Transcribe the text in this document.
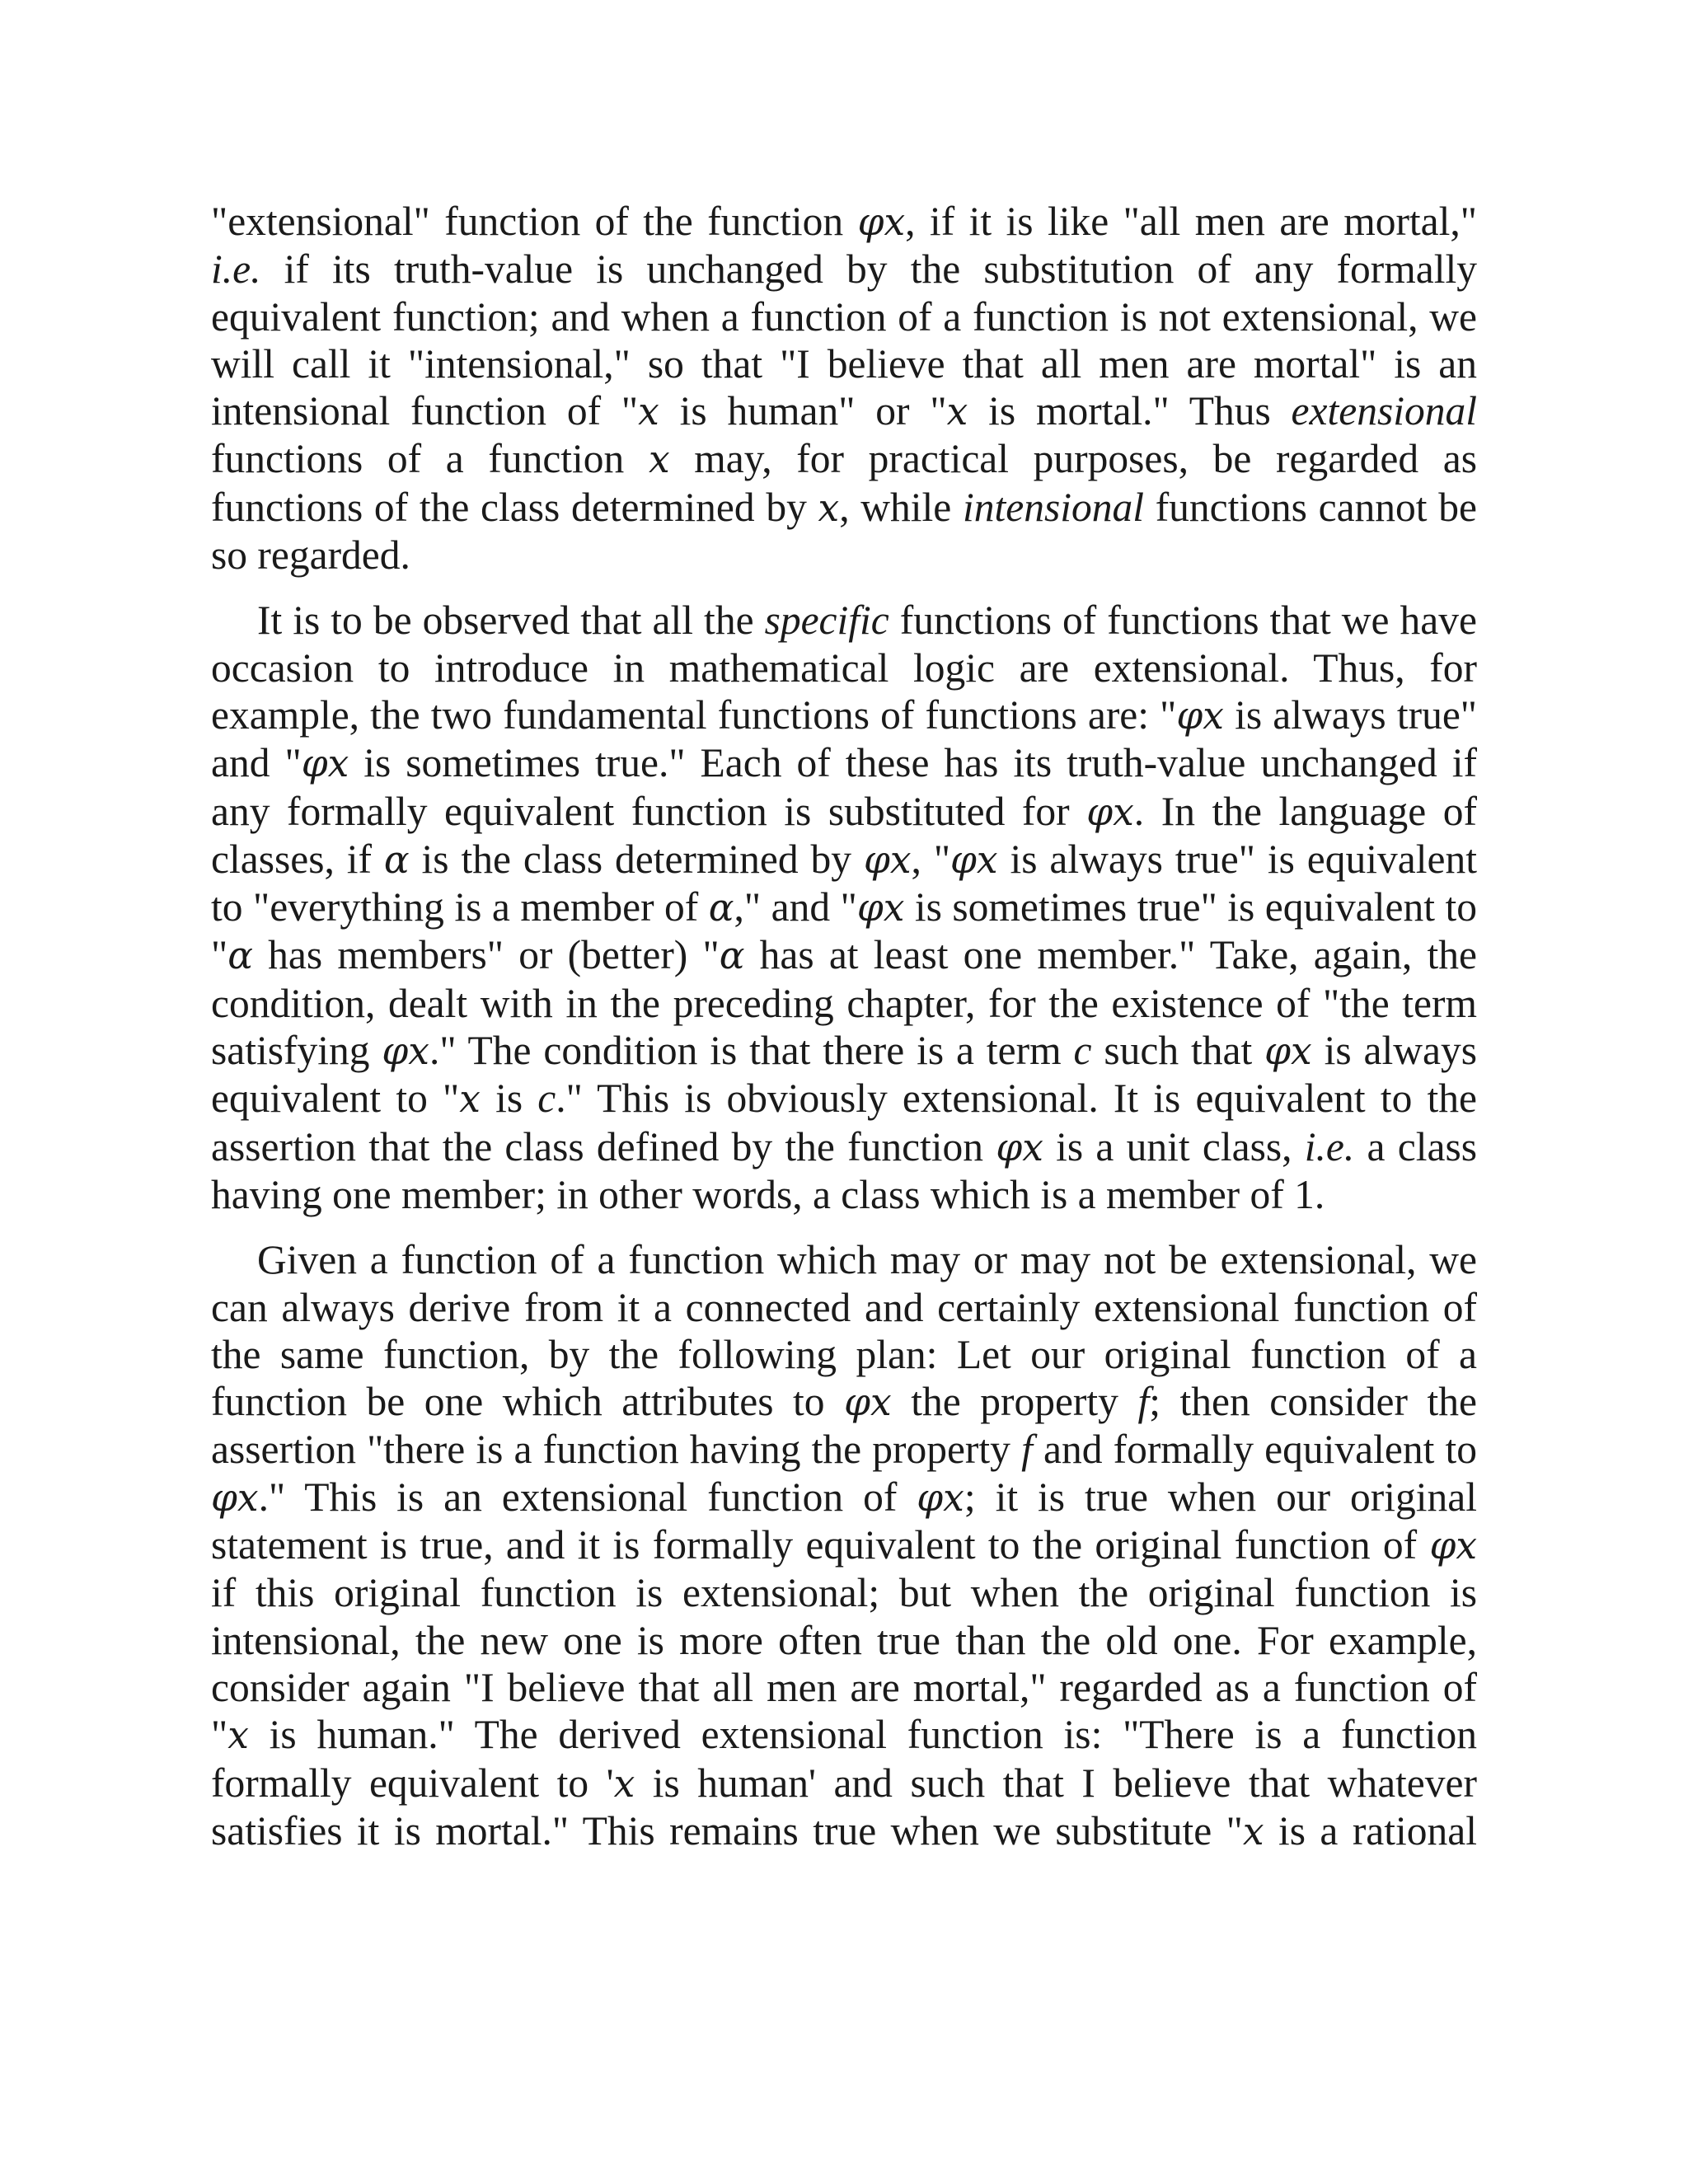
"extensional" function of the function φx, if it is like "all men are mortal," i.e. if its truth-value is unchanged by the substitution of any formally equivalent function; and when a function of a function is not extensional, we will call it "intensional," so that "I believe that all men are mortal" is an intensional function of "x is human" or "x is mortal." Thus extensional functions of a function x may, for practical purposes, be regarded as functions of the class determined by x, while intensional functions cannot be so regarded.

It is to be observed that all the specific functions of functions that we have occasion to introduce in mathematical logic are extensional. Thus, for example, the two fundamental functions of functions are: "φx is always true" and "φx is sometimes true." Each of these has its truth-value unchanged if any formally equivalent function is substituted for φx. In the language of classes, if α is the class determined by φx, "φx is always true" is equivalent to "everything is a member of α," and "φx is sometimes true" is equivalent to "α has members" or (better) "α has at least one member." Take, again, the condition, dealt with in the preceding chapter, for the existence of "the term satisfying φx." The condition is that there is a term c such that φx is always equivalent to "x is c." This is obviously extensional. It is equivalent to the assertion that the class defined by the function φx is a unit class, i.e. a class having one member; in other words, a class which is a member of 1.

Given a function of a function which may or may not be extensional, we can always derive from it a connected and certainly extensional function of the same function, by the following plan: Let our original function of a function be one which attributes to φx the property f; then consider the assertion "there is a function having the property f and formally equivalent to φx." This is an extensional function of φx; it is true when our original statement is true, and it is formally equivalent to the original function of φx if this original function is extensional; but when the original function is intensional, the new one is more often true than the old one. For example, consider again "I believe that all men are mortal," regarded as a function of "x is human." The derived extensional function is: "There is a function formally equivalent to 'x is human' and such that I believe that whatever satisfies it is mortal." This remains true when we substitute "x is a rational
